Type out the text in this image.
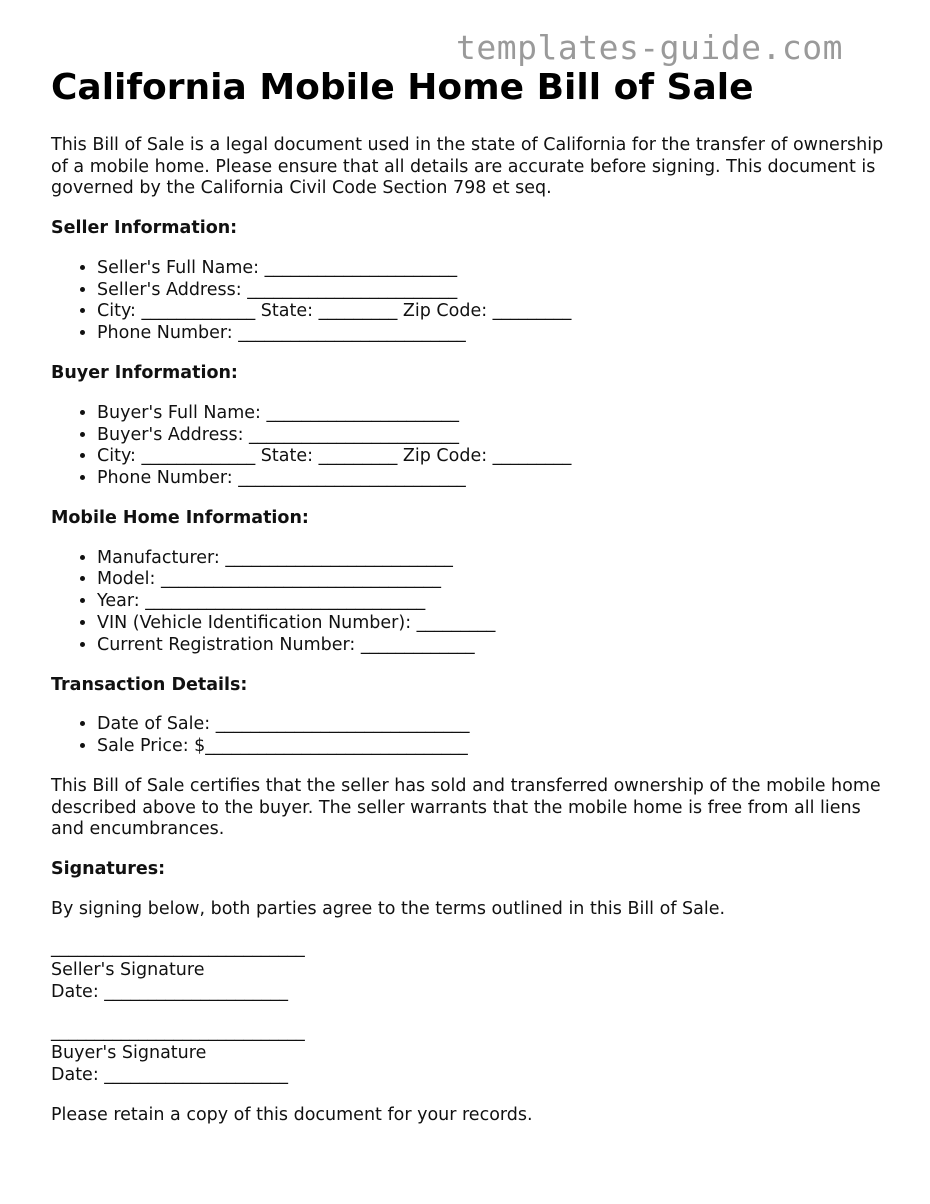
templates-guide.com
California Mobile Home Bill of Sale

This Bill of Sale is a legal document used in the state of California for the transfer of ownership of a mobile home. Please ensure that all details are accurate before signing. This document is governed by the California Civil Code Section 798 et seq.

Seller Information:
• Seller's Full Name: ______________________
• Seller's Address: ________________________
• City: _____________ State: _________ Zip Code: _________
• Phone Number: __________________________
Buyer Information:
• Buyer's Full Name: ______________________
• Buyer's Address: ________________________
• City: _____________ State: _________ Zip Code: _________
• Phone Number: __________________________
Mobile Home Information:
• Manufacturer: __________________________
• Model: ________________________________
• Year: ________________________________
• VIN (Vehicle Identification Number): _________
• Current Registration Number: _____________
Transaction Details:
• Date of Sale: _____________________________
• Sale Price: $______________________________

This Bill of Sale certifies that the seller has sold and transferred ownership of the mobile home described above to the buyer. The seller warrants that the mobile home is free from all liens and encumbrances.

Signatures:

By signing below, both parties agree to the terms outlined in this Bill of Sale.

_____________________________
Seller's Signature
Date: _____________________
_____________________________
Buyer's Signature
Date: _____________________

Please retain a copy of this document for your records.
